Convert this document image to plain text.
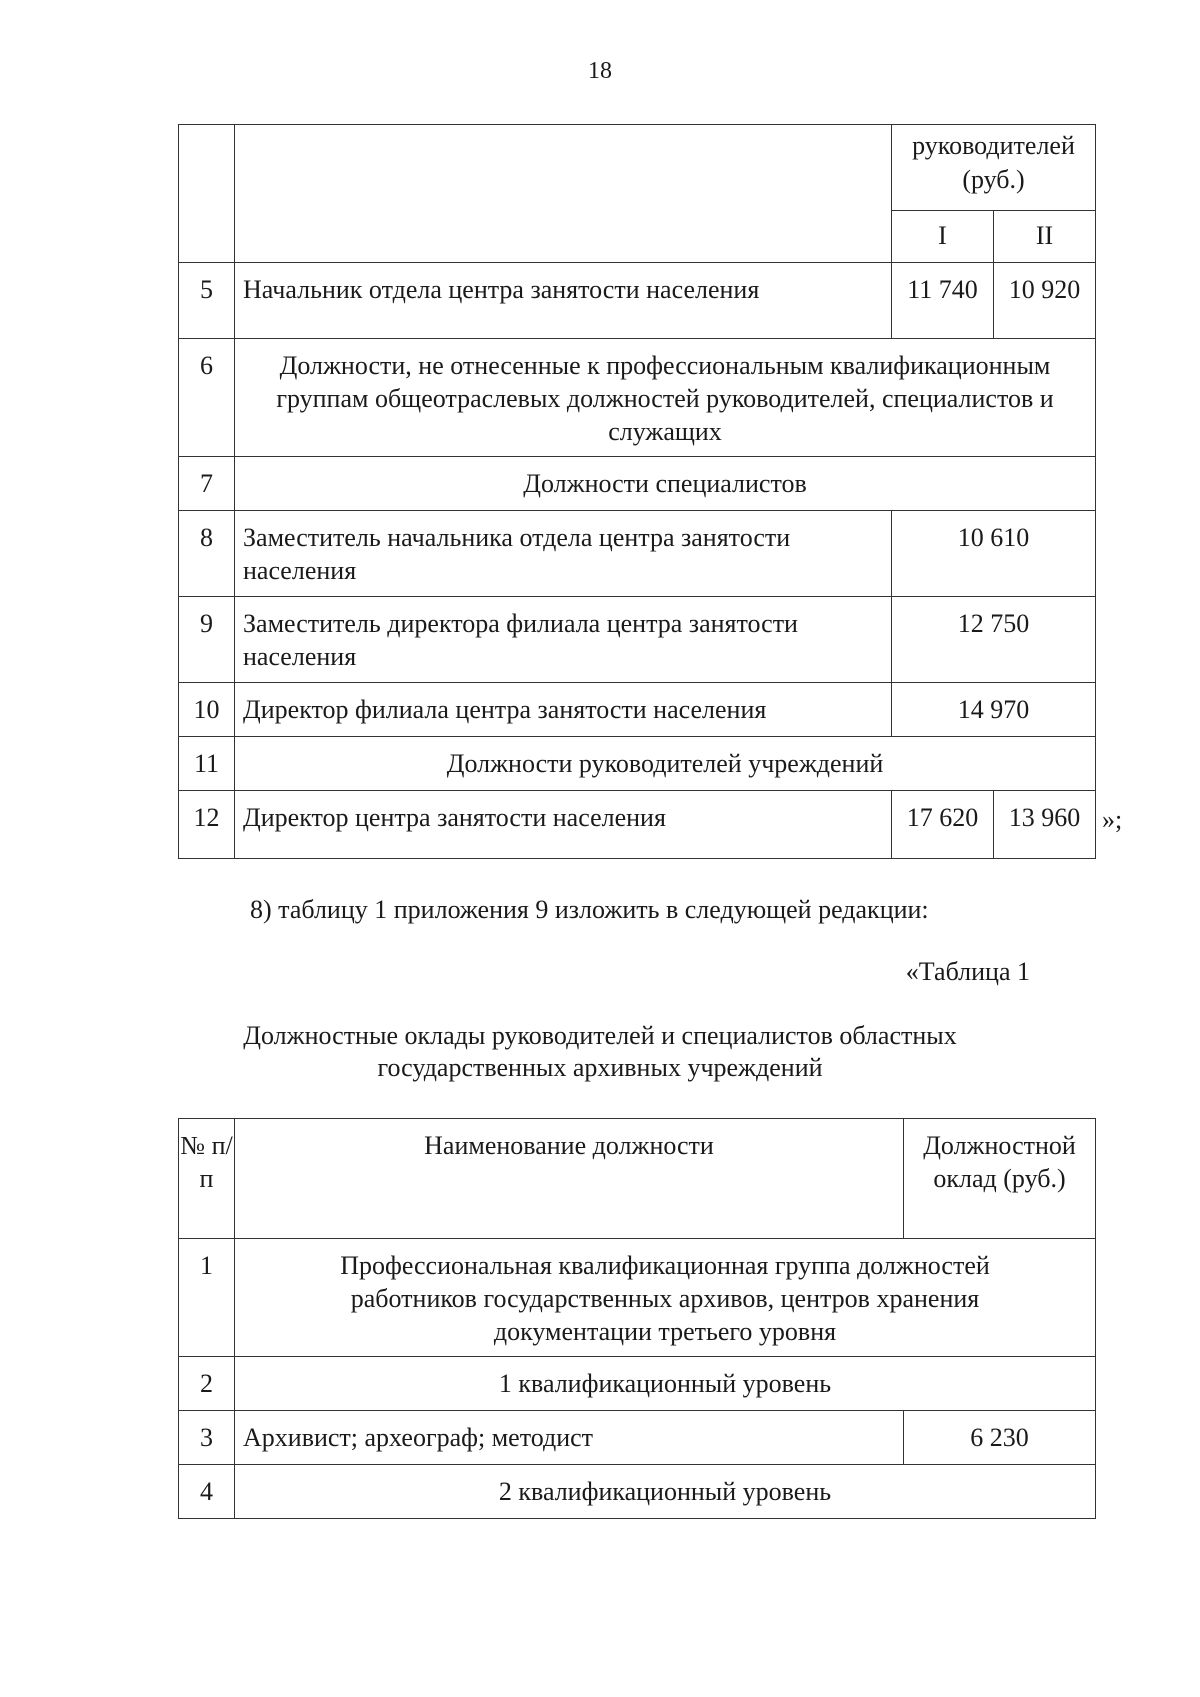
18
		руководителей (руб.)	
		I	II
5	Начальник отдела центра занятости населения	11 740	10 920
6	Должности, не отнесенные к профессиональным квалификационным группам общеотраслевых должностей руководителей, специалистов и служащих		
7	Должности специалистов		
8	Заместитель начальника отдела центра занятости населения	10 610	
9	Заместитель директора филиала центра занятости населения	12 750	
10	Директор филиала центра занятости населения	14 970	
11	Должности руководителей учреждений		
12	Директор центра занятости населения	17 620	13 960 »;
8) таблицу 1 приложения 9 изложить в следующей редакции:
«Таблица 1
Должностные оклады руководителей и специалистов областных государственных архивных учреждений
№ п/п	Наименование должности	Должностной оклад (руб.)
1	Профессиональная квалификационная группа должностей работников государственных архивов, центров хранения документации третьего уровня	
2	1 квалификационный уровень	
3	Архивист; археограф; методист	6 230
4	2 квалификационный уровень	
